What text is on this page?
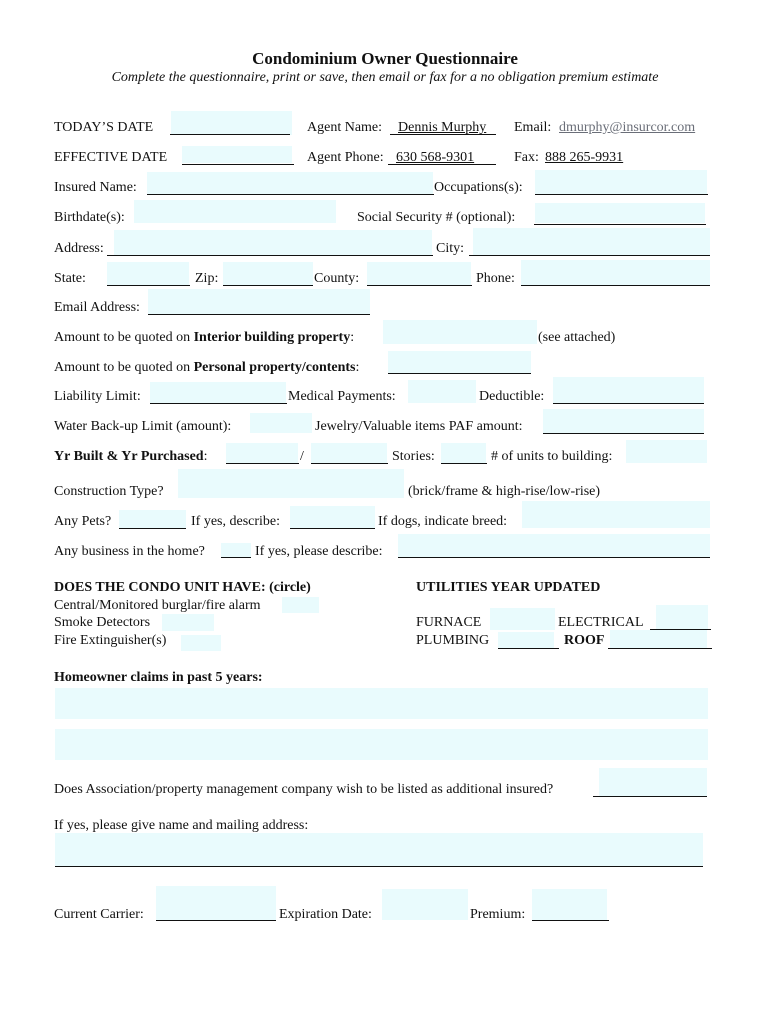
Condominium Owner Questionnaire
Complete the questionnaire, print or save, then email or fax for a no obligation premium estimate
TODAY’S DATE	Agent Name: Dennis Murphy Email: dmurphy@insurcor.com
EFFECTIVE DATE	Agent Phone: 630 568-9301	Fax: 888 265-9931
Insured Name:	Occupations(s):
Birthdate(s):	Social Security # (optional):
Address:	City:
State:	Zip:	County:	Phone:
Email Address:
Amount to be quoted on Interior building property:	(see attached)
Amount to be quoted on Personal property/contents:
Liability Limit:	Medical Payments:	Deductible:
Water Back-up Limit (amount):	Jewelry/Valuable items PAF amount:
Yr Built & Yr Purchased:	/	Stories:	# of units to building:
Construction Type?	(brick/frame & high-rise/low-rise)
Any Pets?	If yes, describe:	If dogs, indicate breed:
Any business in the home?	If yes, please describe:
DOES THE CONDO UNIT HAVE: (circle)
Central/Monitored burglar/fire alarm
Smoke Detectors
Fire Extinguisher(s)
UTILITIES YEAR UPDATED
FURNACE	ELECTRICAL
PLUMBING	ROOF
Homeowner claims in past 5 years:
Does Association/property management company wish to be listed as additional insured?
If yes, please give name and mailing address:
Current Carrier:	Expiration Date:	Premium:
